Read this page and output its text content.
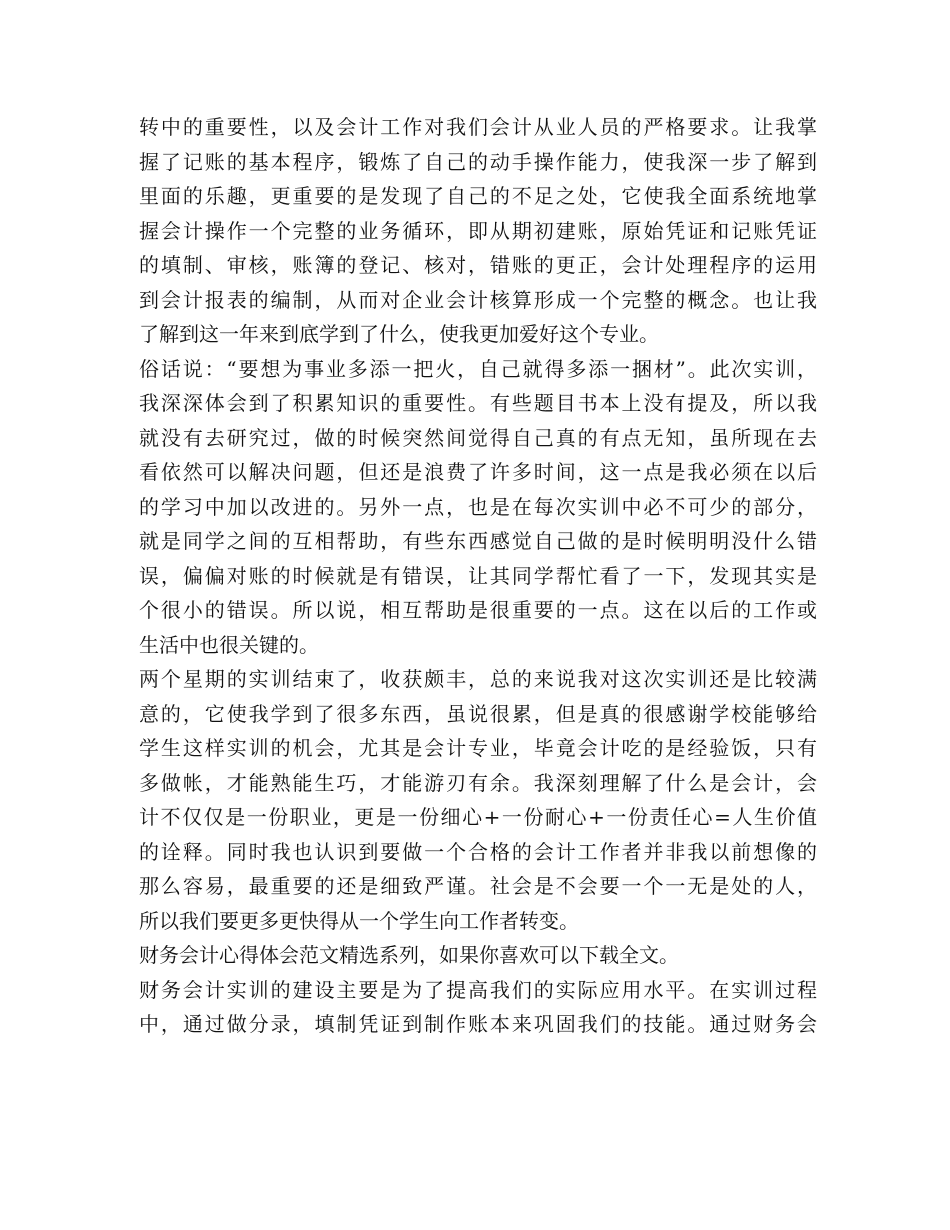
转中的重要性，以及会计工作对我们会计从业人员的严格要求。让我掌
握了记账的基本程序，锻炼了自己的动手操作能力，使我深一步了解到
里面的乐趣，更重要的是发现了自己的不足之处，它使我全面系统地掌
握会计操作一个完整的业务循环，即从期初建账，原始凭证和记账凭证
的填制、审核，账簿的登记、核对，错账的更正，会计处理程序的运用
到会计报表的编制，从而对企业会计核算形成一个完整的概念。也让我
了解到这一年来到底学到了什么，使我更加爱好这个专业。
俗话说：“要想为事业多添一把火，自己就得多添一捆材”。此次实训，
我深深体会到了积累知识的重要性。有些题目书本上没有提及，所以我
就没有去研究过，做的时候突然间觉得自己真的有点无知，虽所现在去
看依然可以解决问题，但还是浪费了许多时间，这一点是我必须在以后
的学习中加以改进的。另外一点，也是在每次实训中必不可少的部分，
就是同学之间的互相帮助，有些东西感觉自己做的是时候明明没什么错
误，偏偏对账的时候就是有错误，让其同学帮忙看了一下，发现其实是
个很小的错误。所以说，相互帮助是很重要的一点。这在以后的工作或
生活中也很关键的。
两个星期的实训结束了，收获颇丰，总的来说我对这次实训还是比较满
意的，它使我学到了很多东西，虽说很累，但是真的很感谢学校能够给
学生这样实训的机会，尤其是会计专业，毕竟会计吃的是经验饭，只有
多做帐，才能熟能生巧，才能游刃有余。我深刻理解了什么是会计，会
计不仅仅是一份职业，更是一份细心+一份耐心+一份责任心=人生价值
的诠释。同时我也认识到要做一个合格的会计工作者并非我以前想像的
那么容易，最重要的还是细致严谨。社会是不会要一个一无是处的人，
所以我们要更多更快得从一个学生向工作者转变。
财务会计心得体会范文精选系列，如果你喜欢可以下载全文。
财务会计实训的建设主要是为了提高我们的实际应用水平。在实训过程
中，通过做分录，填制凭证到制作账本来巩固我们的技能。通过财务会
